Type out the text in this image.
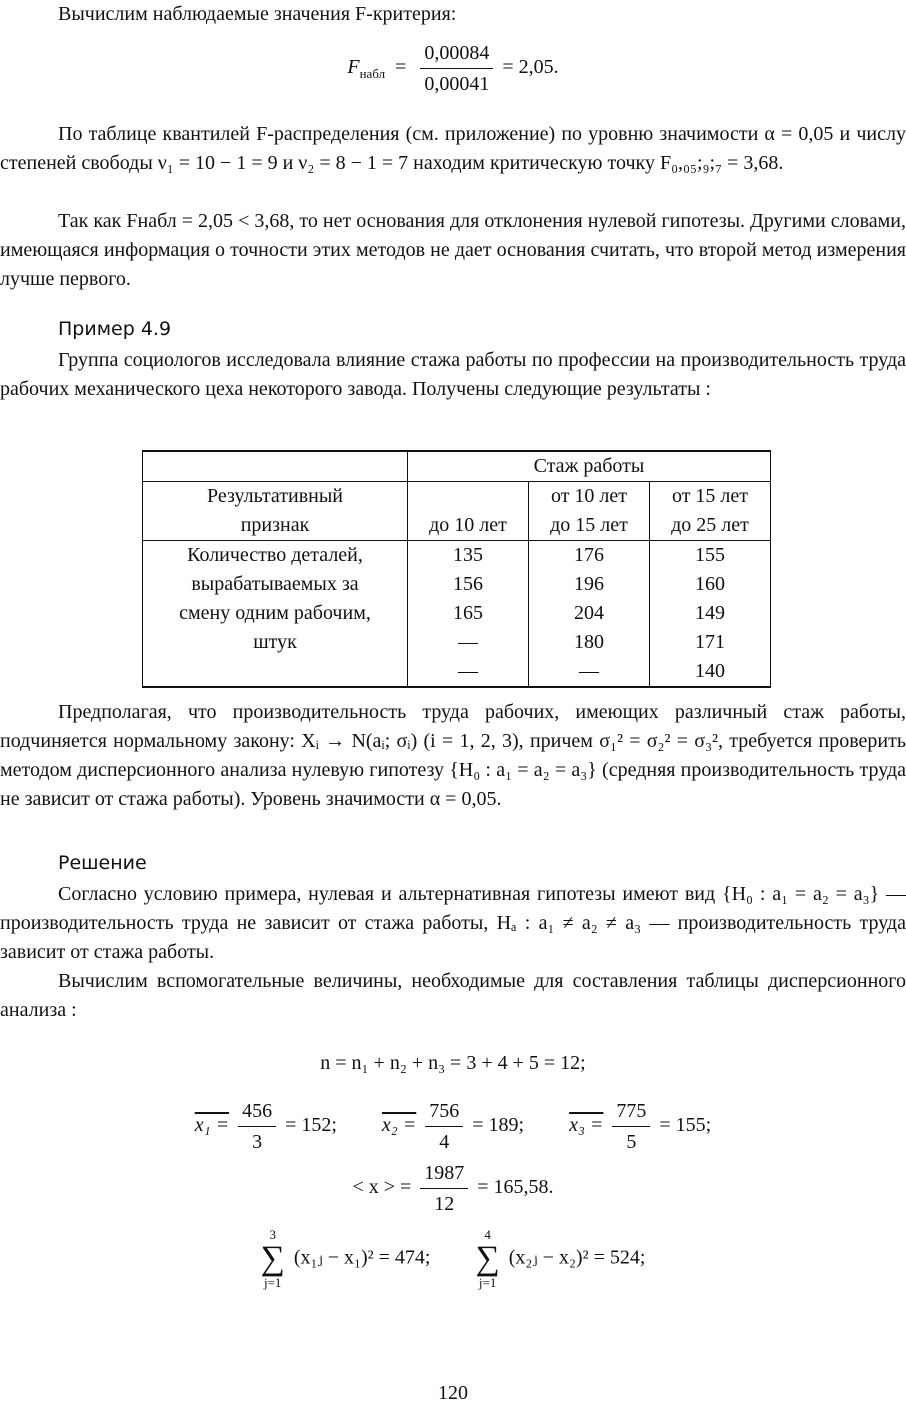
Вычислим наблюдаемые значения F-критерия:
$F_{набл} = \frac{0,00084}{0,00041} = 2,05$.
По таблице квантилей F-распределения (см. приложение) по уровню значимости α = 0,05 и числу степеней свободы ν₁ = 10 − 1 = 9 и ν₂ = 8 − 1 = 7 находим критическую точку F₀,₀₅;₉;₇ = 3,68.
Так как Fнабл = 2,05 < 3,68, то нет основания для отклонения нулевой гипотезы. Другими словами, имеющаяся информация о точности этих методов не дает основания считать, что второй метод измерения лучше первого.
Пример 4.9
Группа социологов исследовала влияние стажа работы по профессии на производительность труда рабочих механического цеха некоторого завода. Получены следующие результаты :
	Стаж работы		
Результативный		от 10 лет	от 15 лет
признак	до 10 лет	до 15 лет	до 25 лет
Количество деталей,	135	176	155
вырабатываемых за	156	196	160
смену одним рабочим,	165	204	149
штук	—	180	171
	—	—	140
Предполагая, что производительность труда рабочих, имеющих различный стаж работы, подчиняется нормальному закону: Xᵢ → N(aᵢ; σᵢ) (i = 1, 2, 3), причем σ₁² = σ₂² = σ₃², требуется проверить методом дисперсионного анализа нулевую гипотезу {H₀ : a₁ = a₂ = a₃} (средняя производительность труда не зависит от стажа работы). Уровень значимости α = 0,05.
Решение
Согласно условию примера, нулевая и альтернативная гипотезы имеют вид {H₀ : a₁ = a₂ = a₃} — производительность труда не зависит от стажа работы, Hₐ : a₁ ≠ a₂ ≠ a₃ — производительность труда зависит от стажа работы.
Вычислим вспомогательные величины, необходимые для составления таблицы дисперсионного анализа :
n = n₁ + n₂ + n₃ = 3 + 4 + 5 = 12;
$x_1 = \frac{456}{3} = 152$; $x_2 = \frac{756}{4} = 189$; $x_3 = \frac{775}{5} = 155$;
< x > = $\frac{1987}{12} = 165,58$.
3
∑
j=1
(x₁ⱼ − x₁)² = 474;
4
∑
j=1
(x₂ⱼ − x₂)² = 524;
120
